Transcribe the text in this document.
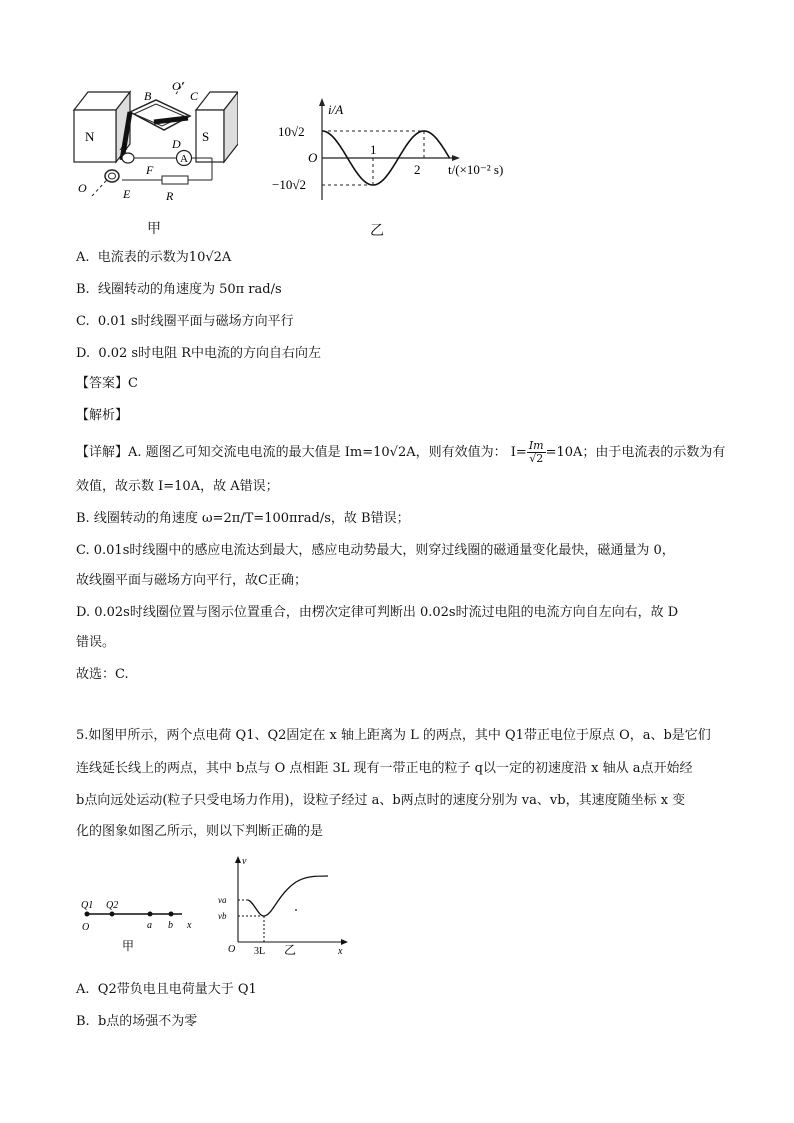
N	S
B	C
O′
A	D
A
F
R
O	E
甲
i/A
10√2
O
−10√2
1
2 t/(×10⁻² s)
乙
A. 电流表的示数为10√2A
B. 线圈转动的角速度为 50π rad/s
C. 0.01 s时线圈平面与磁场方向平行
D. 0.02 s时电阻 R中电流的方向自右向左
【答案】C
【解析】
【详解】A. 题图乙可知交流电电流的最大值是 Im=10√2A，则有效值为： $I= \frac{Im}{√2} =10A$；由于电流表的示数为有
效值，故示数 I=10A，故 A错误；
B. 线圈转动的角速度 ω=2π/T=100πrad/s，故 B错误；
C. 0.01s时线圈中的感应电流达到最大，感应电动势最大，则穿过线圈的磁通量变化最快，磁通量为 0，
故线圈平面与磁场方向平行，故C正确；
D. 0.02s时线圈位置与图示位置重合，由楞次定律可判断出 0.02s时流过电阻的电流方向自左向右，故 D
错误。
故选：C.
5.如图甲所示，两个点电荷 Q1、Q2固定在 x 轴上距离为 L 的两点，其中 Q1带正电位于原点 O，a、b是它们
连线延长线上的两点，其中 b点与 O 点相距 3L 现有一带正电的粒子 q以一定的初速度沿 x 轴从 a点开始经
b点向远处运动(粒子只受电场力作用)，设粒子经过 a、b两点时的速度分别为 va、vb，其速度随坐标 x 变
化的图象如图乙所示，则以下判断正确的是
Q1 Q2
O	a b x
甲
v
va
vb
O 3L	x
乙
A. Q2带负电且电荷量大于 Q1
B. b点的场强不为零
